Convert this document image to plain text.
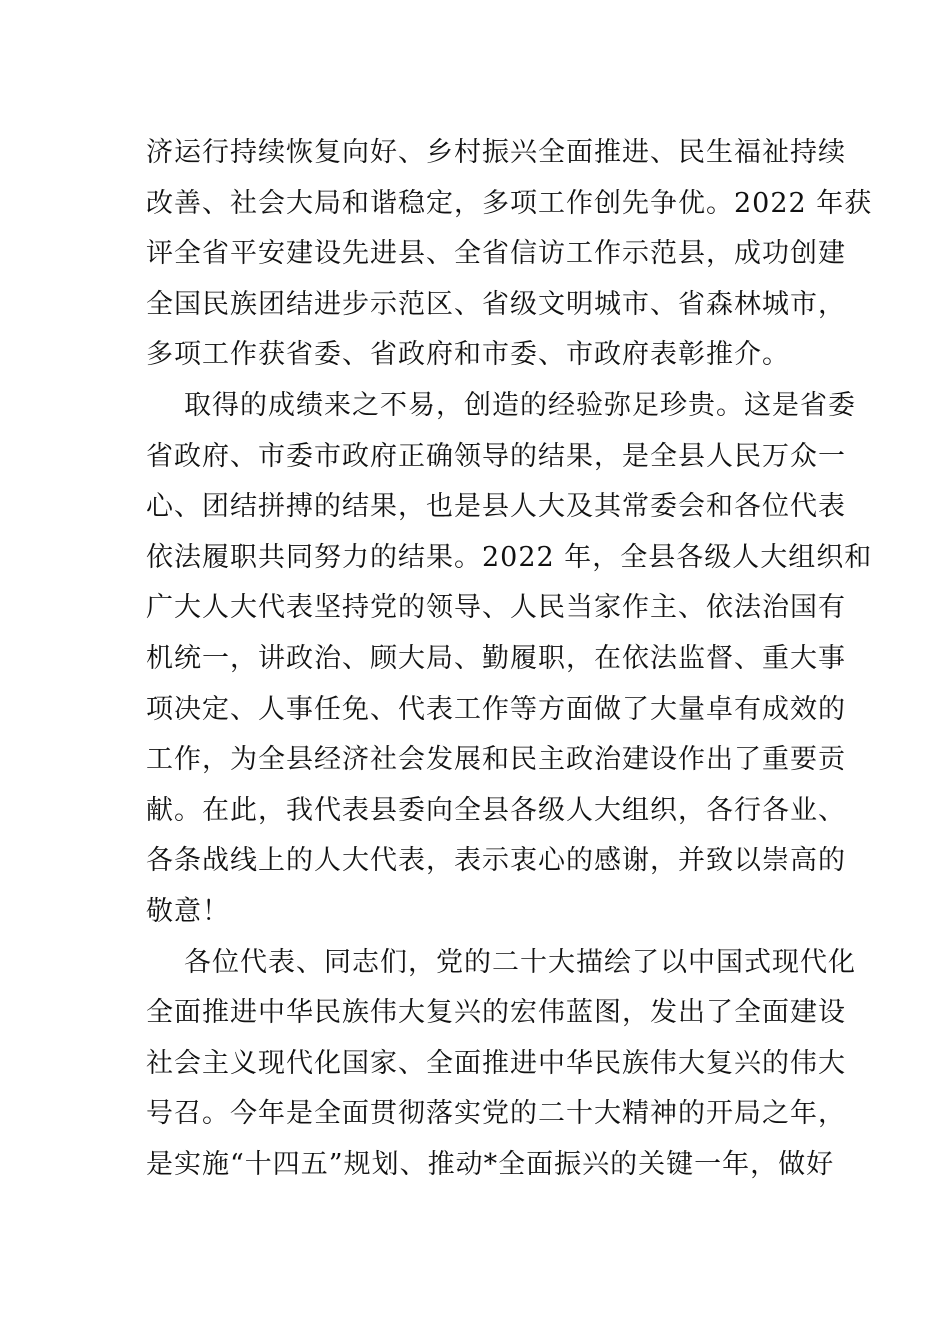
济运行持续恢复向好、乡村振兴全面推进、民生福祉持续
改善、社会大局和谐稳定，多项工作创先争优。2022 年获
评全省平安建设先进县、全省信访工作示范县，成功创建
全国民族团结进步示范区、省级文明城市、省森林城市，
多项工作获省委、省政府和市委、市政府表彰推介。
取得的成绩来之不易，创造的经验弥足珍贵。这是省委
省政府、市委市政府正确领导的结果，是全县人民万众一
心、团结拼搏的结果，也是县人大及其常委会和各位代表
依法履职共同努力的结果。2022 年，全县各级人大组织和
广大人大代表坚持党的领导、人民当家作主、依法治国有
机统一，讲政治、顾大局、勤履职，在依法监督、重大事
项决定、人事任免、代表工作等方面做了大量卓有成效的
工作，为全县经济社会发展和民主政治建设作出了重要贡
献。在此，我代表县委向全县各级人大组织，各行各业、
各条战线上的人大代表，表示衷心的感谢，并致以崇高的
敬意！
各位代表、同志们，党的二十大描绘了以中国式现代化
全面推进中华民族伟大复兴的宏伟蓝图，发出了全面建设
社会主义现代化国家、全面推进中华民族伟大复兴的伟大
号召。今年是全面贯彻落实党的二十大精神的开局之年，
是实施“十四五”规划、推动*全面振兴的关键一年，做好
